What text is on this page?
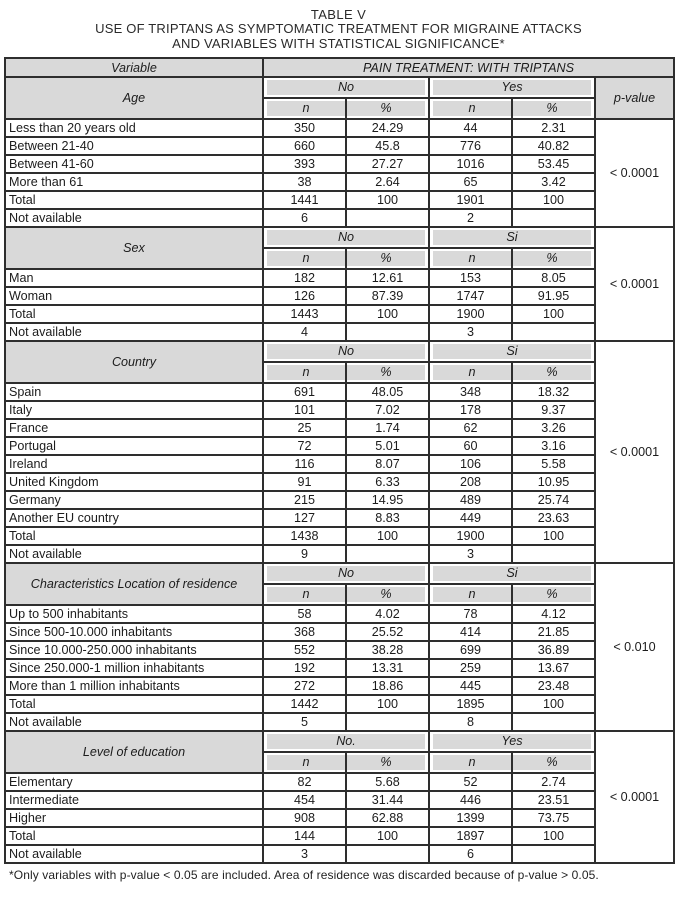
TABLE V
USE OF TRIPTANS AS SYMPTOMATIC TREATMENT FOR MIGRAINE ATTACKS
AND VARIABLES WITH STATISTICAL SIGNIFICANCE*
Variable	PAIN TREATMENT: WITH TRIPTANS				
Age	No		Yes		p-value

	n	%	n	%	

Less than 20 years old	350	24.29	44	2.31	< 0.0001
Between 21-40	660	45.8	776	40.82	
Between 41-60	393	27.27	1016	53.45	
More than 61	38	2.64	65	3.42	
Total	1441	100	1901	100	
Not available	6		2		
Sex	No		Si		< 0.0001

	n	%	n	%	

Man	182	12.61	153	8.05	
Woman	126	87.39	1747	91.95	
Total	1443	100	1900	100	
Not available	4		3		
Country	No		Si		< 0.0001

	n	%	n	%	

Spain	691	48.05	348	18.32	
Italy	101	7.02	178	9.37	
France	25	1.74	62	3.26	
Portugal	72	5.01	60	3.16	
Ireland	116	8.07	106	5.58	
United Kingdom	91	6.33	208	10.95	
Germany	215	14.95	489	25.74	
Another EU country	127	8.83	449	23.63	
Total	1438	100	1900	100	
Not available	9		3		
Characteristics Location of residence	No		Si		< 0.010

	n	%	n	%	

Up to 500 inhabitants	58	4.02	78	4.12	
Since 500-10.000 inhabitants	368	25.52	414	21.85	
Since 10.000-250.000 inhabitants	552	38.28	699	36.89	
Since 250.000-1 million inhabitants	192	13.31	259	13.67	
More than 1 million inhabitants	272	18.86	445	23.48	
Total	1442	100	1895	100	
Not available	5		8		
Level of education	No.		Yes		< 0.0001

	n	%	n	%	

Elementary	82	5.68	52	2.74	
Intermediate	454	31.44	446	23.51	
Higher	908	62.88	1399	73.75	
Total	144	100	1897	100	
Not available	3		6		
*Only variables with p-value < 0.05 are included. Area of residence was discarded because of p-value > 0.05.
